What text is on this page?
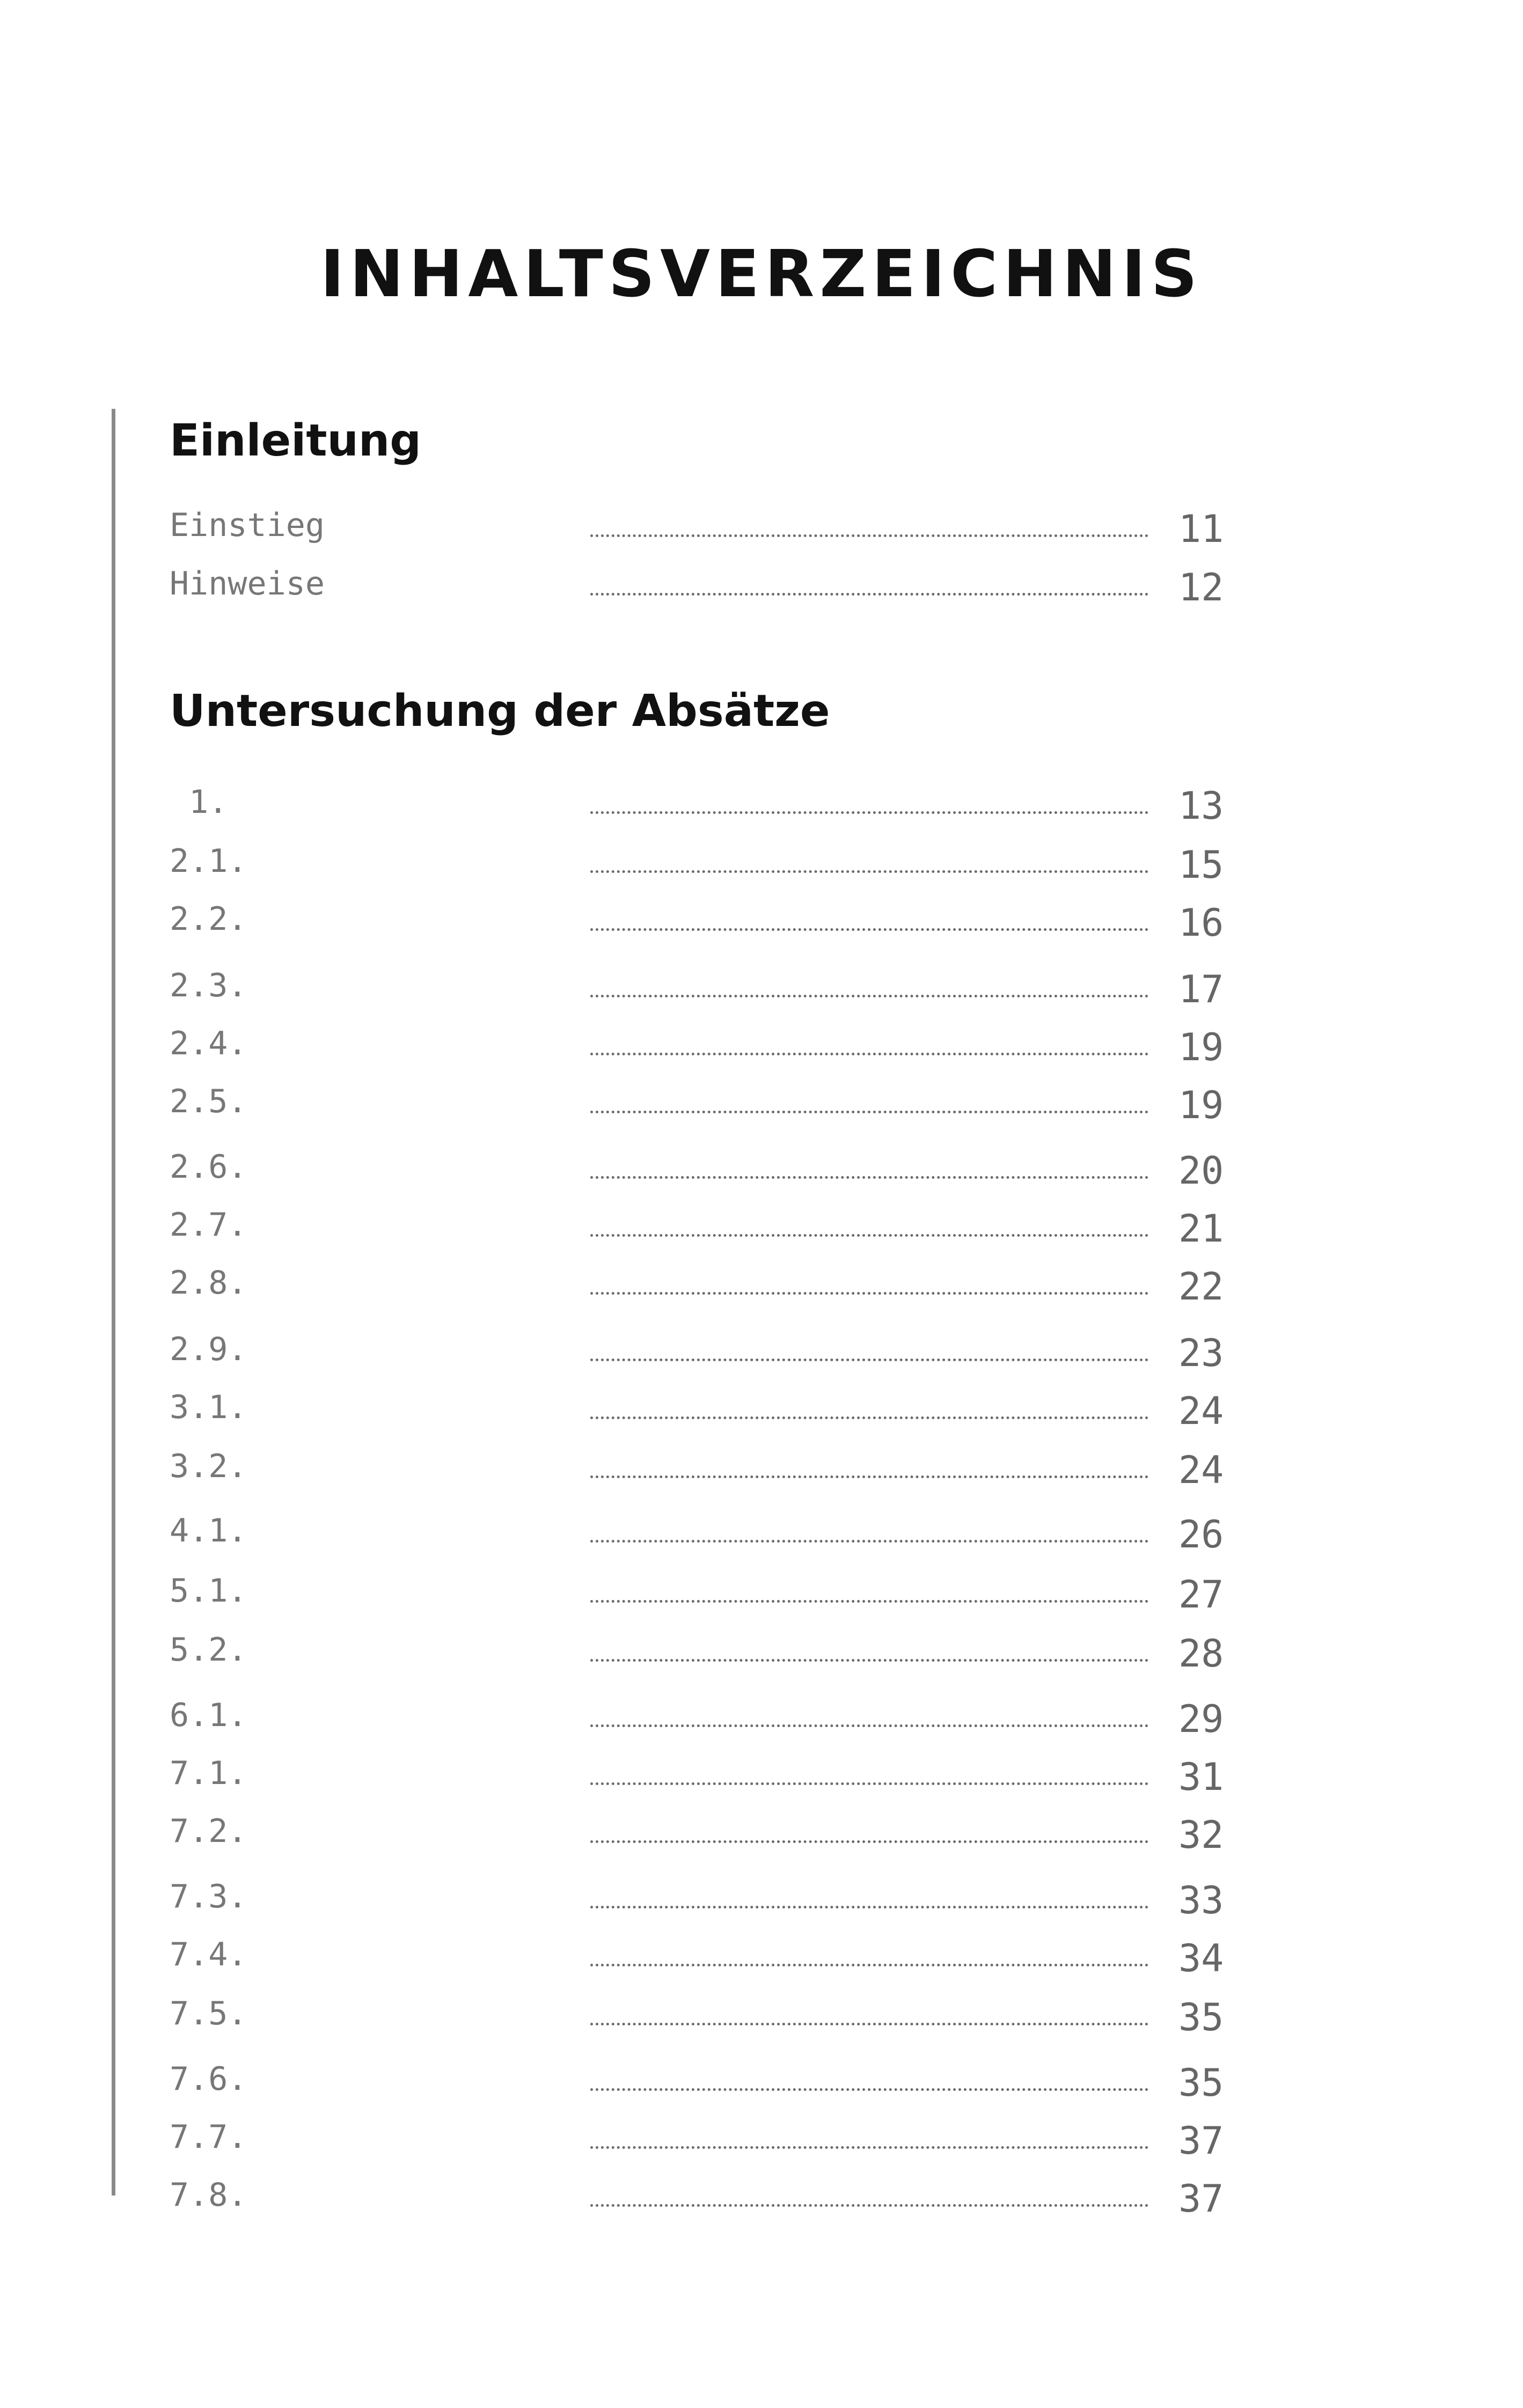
INHALTSVERZEICHNIS
Einleitung
Einstieg	11
Hinweise	12
Untersuchung der Absätze
1.	13
2.1.	15
2.2.	16
2.3.	17
2.4.	19
2.5.	19
2.6.	20
2.7.	21
2.8.	22
2.9.	23
3.1.	24
3.2.	24
4.1.	26
5.1.	27
5.2.	28
6.1.	29
7.1.	31
7.2.	32
7.3.	33
7.4.	34
7.5.	35
7.6.	35
7.7.	37
7.8.	37
